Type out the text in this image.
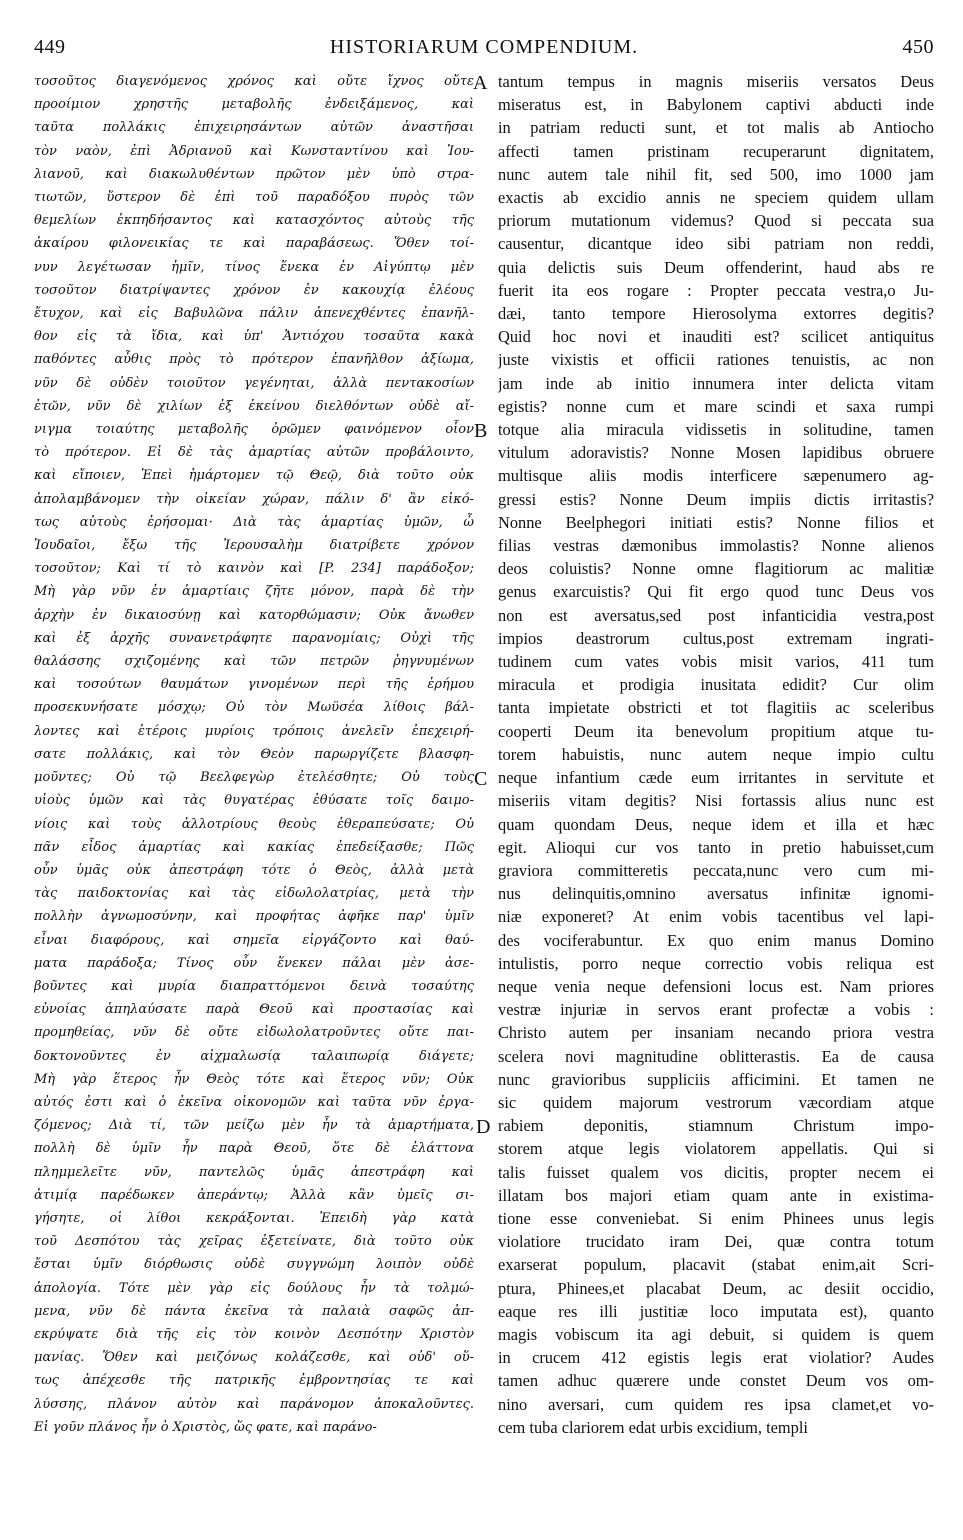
449	HISTORIARUM COMPENDIUM.	450
τοσοῦτος διαγενόμενος χρόνος καὶ οὔτε ἴχνος οὔτε
προοίμιον χρηστῆς μεταβολῆς ἐνδειξάμενος, καὶ
ταῦτα πολλάκις ἐπιχειρησάντων αὐτῶν ἀναστῆσαι
τὸν ναὸν, ἐπὶ Ἀδριανοῦ καὶ Κωνσταντίνου καὶ Ἰου-
λιανοῦ, καὶ διακωλυθέντων πρῶτον μὲν ὑπὸ στρα-
τιωτῶν, ὕστερον δὲ ἐπὶ τοῦ παραδόξου πυρὸς τῶν
θεμελίων ἐκπηδήσαντος καὶ κατασχόντος αὐτοὺς τῆς
ἀκαίρου φιλονεικίας τε καὶ παραβάσεως. Ὅθεν τοί-
νυν λεγέτωσαν ἡμῖν, τίνος ἕνεκα ἐν Αἰγύπτῳ μὲν
τοσοῦτον διατρίψαντες χρόνον ἐν κακουχίᾳ ἐλέους
ἔτυχον, καὶ εἰς Βαβυλῶνα πάλιν ἀπενεχθέντες ἐπανῆλ-
θον εἰς τὰ ἴδια, καὶ ὑπ' Ἀντιόχου τοσαῦτα κακὰ
παθόντες αὖθις πρὸς τὸ πρότερον ἐπανῆλθον ἀξίωμα,
νῦν δὲ οὐδὲν τοιοῦτον γεγένηται, ἀλλὰ πεντακοσίων
ἐτῶν, νῦν δὲ χιλίων ἐξ ἐκείνου διελθόντων οὐδὲ αἴ-
νιγμα τοιαύτης μεταβολῆς ὁρῶμεν φαινόμενον οἷον
τὸ πρότερον. Εἰ δὲ τὰς ἁμαρτίας αὐτῶν προβάλοιντο,
καὶ εἴποιεν, Ἐπεὶ ἡμάρτομεν τῷ Θεῷ, διὰ τοῦτο οὐκ
ἀπολαμβάνομεν τὴν οἰκείαν χώραν, πάλιν δ' ἂν εἰκό-
τως αὐτοὺς ἐρήσομαι· Διὰ τὰς ἁμαρτίας ὑμῶν, ὦ
Ἰουδαῖοι, ἔξω τῆς Ἱερουσαλὴμ διατρίβετε χρόνον
τοσοῦτον; Καὶ τί τὸ καινὸν καὶ [P. 234] παράδοξον;
Μὴ γὰρ νῦν ἐν ἁμαρτίαις ζῆτε μόνον, παρὰ δὲ τὴν
ἀρχὴν ἐν δικαιοσύνῃ καὶ κατορθώμασιν; Οὐκ ἄνωθεν
καὶ ἐξ ἀρχῆς συνανετράφητε παρανομίαις; Οὐχὶ τῆς
θαλάσσης σχιζομένης καὶ τῶν πετρῶν ῥηγνυμένων
καὶ τοσούτων θαυμάτων γινομένων περὶ τῆς ἐρήμου
προσεκυνήσατε μόσχῳ; Οὐ τὸν Μωϋσέα λίθοις βάλ-
λοντες καὶ ἑτέροις μυρίοις τρόποις ἀνελεῖν ἐπεχειρή-
σατε πολλάκις, καὶ τὸν Θεὸν παρωργίζετε βλασφη-
μοῦντες; Οὐ τῷ Βεελφεγὼρ ἐτελέσθητε; Οὐ τοὺς
υἱοὺς ὑμῶν καὶ τὰς θυγατέρας ἐθύσατε τοῖς δαιμο-
νίοις καὶ τοὺς ἀλλοτρίους θεοὺς ἐθεραπεύσατε; Οὐ
πᾶν εἶδος ἁμαρτίας καὶ κακίας ἐπεδείξασθε; Πῶς
οὖν ὑμᾶς οὐκ ἀπεστράφη τότε ὁ Θεὸς, ἀλλὰ μετὰ
τὰς παιδοκτονίας καὶ τὰς εἰδωλολατρίας, μετὰ τὴν
πολλὴν ἀγνωμοσύνην, καὶ προφήτας ἀφῆκε παρ' ὑμῖν
εἶναι διαφόρους, καὶ σημεῖα εἰργάζοντο καὶ θαύ-
ματα παράδοξα; Τίνος οὖν ἕνεκεν πάλαι μὲν ἀσε-
βοῦντες καὶ μυρία διαπραττόμενοι δεινὰ τοσαύτης
εὐνοίας ἀπηλαύσατε παρὰ Θεοῦ καὶ προστασίας καὶ
προμηθείας, νῦν δὲ οὔτε εἰδωλολατροῦντες οὔτε παι-
δοκτονοῦντες ἐν αἰχμαλωσίᾳ ταλαιπωρίᾳ διάγετε;
Μὴ γὰρ ἕτερος ἦν Θεὸς τότε καὶ ἕτερος νῦν; Οὐκ
αὐτός ἐστι καὶ ὁ ἐκεῖνα οἰκονομῶν καὶ ταῦτα νῦν ἐργα-
ζόμενος; Διὰ τί, τῶν μείζω μὲν ἦν τὰ ἁμαρτήματα,
πολλὴ δὲ ὑμῖν ἦν παρὰ Θεοῦ, ὅτε δὲ ἐλάττονα
πλημμελεῖτε νῦν, παντελῶς ὑμᾶς ἀπεστράφη καὶ
ἀτιμίᾳ παρέδωκεν ἀπεράντῳ; Ἀλλὰ κἂν ὑμεῖς σι-
γήσητε, οἱ λίθοι κεκράξονται. Ἐπειδὴ γὰρ κατὰ
τοῦ Δεσπότου τὰς χεῖρας ἐξετείνατε, διὰ τοῦτο οὐκ
ἔσται ὑμῖν διόρθωσις οὐδὲ συγγνώμη λοιπὸν οὐδὲ
ἀπολογία. Τότε μὲν γὰρ εἰς δούλους ἦν τὰ τολμώ-
μενα, νῦν δὲ πάντα ἐκεῖνα τὰ παλαιὰ σαφῶς ἀπ-
εκρύψατε διὰ τῆς εἰς τὸν κοινὸν Δεσπότην Χριστὸν
μανίας. Ὅθεν καὶ μειζόνως κολάζεσθε, καὶ οὐδ' οὕ-
τως ἀπέχεσθε τῆς πατρικῆς ἐμβροντησίας τε καὶ
λύσσης, πλάνον αὐτὸν καὶ παράνομον ἀποκαλοῦντες.
Εἰ γοῦν πλάνος ἦν ὁ Χριστὸς, ὥς φατε, καὶ παράνο-
tantum tempus in magnis miseriis versatos Deus
miseratus est, in Babylonem captivi abducti inde
in patriam reducti sunt, et tot malis ab Antiocho
affecti tamen pristinam recuperarunt dignitatem,
nunc autem tale nihil fit, sed 500, imo 1000 jam
exactis ab excidio annis ne speciem quidem ullam
priorum mutationum videmus? Quod si peccata sua
causentur, dicantque ideo sibi patriam non reddi,
quia delictis suis Deum offenderint, haud abs re
fuerit ita eos rogare : Propter peccata vestra,o Ju-
dæi, tanto tempore Hierosolyma extorres degitis?
Quid hoc novi et inauditi est? scilicet antiquitus
juste vixistis et officii rationes tenuistis, ac non
jam inde ab initio innumera inter delicta vitam
egistis? nonne cum et mare scindi et saxa rumpi
totque alia miracula vidissetis in solitudine, tamen
vitulum adoravistis? Nonne Mosen lapidibus obruere
multisque aliis modis interficere sæpenumero ag-
gressi estis? Nonne Deum impiis dictis irritastis?
Nonne Beelphegori initiati estis? Nonne filios et
filias vestras dæmonibus immolastis? Nonne alienos
deos coluistis? Nonne omne flagitiorum ac malitiæ
genus exarcuistis? Qui fit ergo quod tunc Deus vos
non est aversatus,sed post infanticidia vestra,post
impios deastrorum cultus,post extremam ingrati-
tudinem cum vates vobis misit varios, 411 tum
miracula et prodigia inusitata edidit? Cur olim
tanta impietate obstricti et tot flagitiis ac sceleribus
cooperti Deum ita benevolum propitium atque tu-
torem habuistis, nunc autem neque impio cultu
neque infantium cæde eum irritantes in servitute et
miseriis vitam degitis? Nisi fortassis alius nunc est
quam quondam Deus, neque idem et illa et hæc
egit. Alioqui cur vos tanto in pretio habuisset,cum
graviora committeretis peccata,nunc vero cum mi-
nus delinquitis,omnino aversatus infinitæ ignomi-
niæ exponeret? At enim vobis tacentibus vel lapi-
des vociferabuntur. Ex quo enim manus Domino
intulistis, porro neque correctio vobis reliqua est
neque venia neque defensioni locus est. Nam priores
vestræ injuriæ in servos erant profectæ a vobis :
Christo autem per insaniam necando priora vestra
scelera novi magnitudine oblitterastis. Ea de causa
nunc gravioribus suppliciis afficimini. Et tamen ne
sic quidem majorum vestrorum væcordiam atque
rabiem deponitis, stiamnum Christum impo-
storem atque legis violatorem appellatis. Qui si
talis fuisset qualem vos dicitis, propter necem ei
illatam bos majori etiam quam ante in existima-
tione esse conveniebat. Si enim Phinees unus legis
violatiore trucidato iram Dei, quæ contra totum
exarserat populum, placavit (stabat enim,ait Scri-
ptura, Phinees,et placabat Deum, ac desiit occidio,
eaque res illi justitiæ loco imputata est), quanto
magis vobiscum ita agi debuit, si quidem is quem
in crucem 412 egistis legis erat violatior? Audes
tamen adhuc quærere unde constet Deum vos om-
nino aversari, cum quidem res ipsa clamet,et vo-
cem tuba clariorem edat urbis excidium, templi
A
B
C
D
